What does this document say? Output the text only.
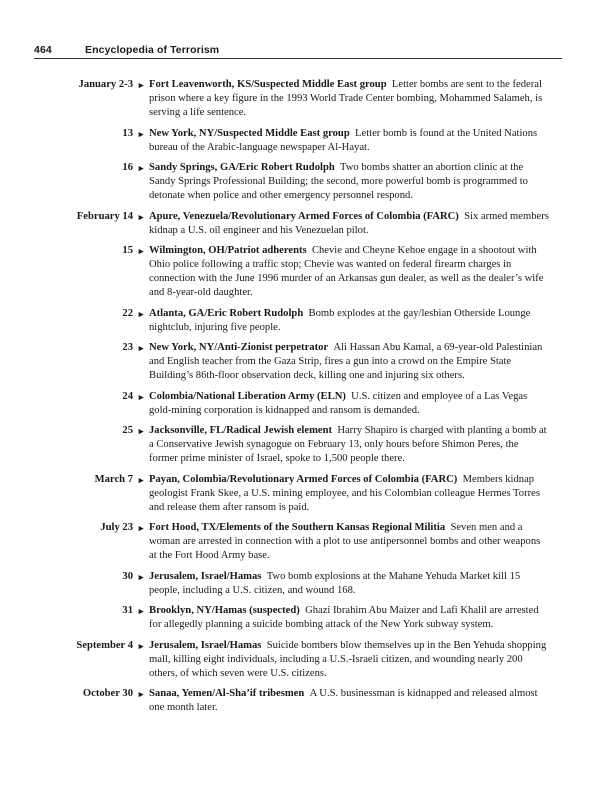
464	Encyclopedia of Terrorism
January 2-3 ► Fort Leavenworth, KS/Suspected Middle East group Letter bombs are sent to the federal prison where a key figure in the 1993 World Trade Center bombing, Mohammed Salameh, is serving a life sentence.
13 ► New York, NY/Suspected Middle East group Letter bomb is found at the United Nations bureau of the Arabic-language newspaper Al-Hayat.
16 ► Sandy Springs, GA/Eric Robert Rudolph Two bombs shatter an abortion clinic at the Sandy Springs Professional Building; the second, more powerful bomb is programmed to detonate when police and other emergency personnel respond.
February 14 ► Apure, Venezuela/Revolutionary Armed Forces of Colombia (FARC) Six armed members kidnap a U.S. oil engineer and his Venezuelan pilot.
15 ► Wilmington, OH/Patriot adherents Chevie and Cheyne Kehoe engage in a shootout with Ohio police following a traffic stop; Chevie was wanted on federal firearm charges in connection with the June 1996 murder of an Arkansas gun dealer, as well as the dealer’s wife and 8-year-old daughter.
22 ► Atlanta, GA/Eric Robert Rudolph Bomb explodes at the gay/lesbian Otherside Lounge nightclub, injuring five people.
23 ► New York, NY/Anti-Zionist perpetrator Ali Hassan Abu Kamal, a 69-year-old Palestinian and English teacher from the Gaza Strip, fires a gun into a crowd on the Empire State Building’s 86th-floor observation deck, killing one and injuring six others.
24 ► Colombia/National Liberation Army (ELN) U.S. citizen and employee of a Las Vegas gold-mining corporation is kidnapped and ransom is demanded.
25 ► Jacksonville, FL/Radical Jewish element Harry Shapiro is charged with planting a bomb at a Conservative Jewish synagogue on February 13, only hours before Shimon Peres, the former prime minister of Israel, spoke to 1,500 people there.
March 7 ► Payan, Colombia/Revolutionary Armed Forces of Colombia (FARC) Members kidnap geologist Frank Skee, a U.S. mining employee, and his Colombian colleague Hermes Torres and release them after ransom is paid.
July 23 ► Fort Hood, TX/Elements of the Southern Kansas Regional Militia Seven men and a woman are arrested in connection with a plot to use antipersonnel bombs and other weapons at the Fort Hood Army base.
30 ► Jerusalem, Israel/Hamas Two bomb explosions at the Mahane Yehuda Market kill 15 people, including a U.S. citizen, and wound 168.
31 ► Brooklyn, NY/Hamas (suspected) Ghazi Ibrahim Abu Maizer and Lafi Khalil are arrested for allegedly planning a suicide bombing attack of the New York subway system.
September 4 ► Jerusalem, Israel/Hamas Suicide bombers blow themselves up in the Ben Yehuda shopping mall, killing eight individuals, including a U.S.-Israeli citizen, and wounding nearly 200 others, of which seven were U.S. citizens.
October 30 ► Sanaa, Yemen/Al-Sha’if tribesmen A U.S. businessman is kidnapped and released almost one month later.
